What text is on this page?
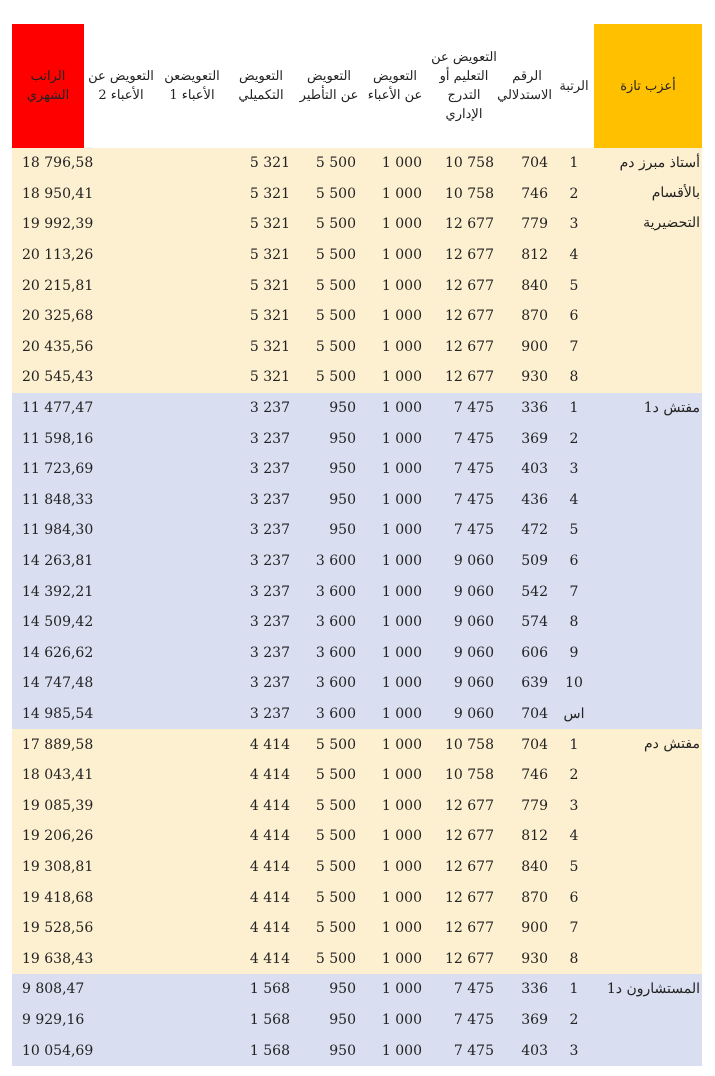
الراتب الشهري	التعويض عن الأعباء 2	التعويضعن الأعباء 1	التعويض التكميلي	التعويض عن التأطير	التعويض عن الأعباء	التعويض عن التعليم أو التدرج الإداري	الرقم الاستدلالي	الرتبة	أعزب تازة
18 796,58			5 321	5 500	1 000	10 758	704	1	أستاذ مبرز دم بالأقسام التحضيرية
18 950,41			5 321	5 500	1 000	10 758	746	2	
19 992,39			5 321	5 500	1 000	12 677	779	3	
20 113,26			5 321	5 500	1 000	12 677	812	4	
20 215,81			5 321	5 500	1 000	12 677	840	5	
20 325,68			5 321	5 500	1 000	12 677	870	6	
20 435,56			5 321	5 500	1 000	12 677	900	7	
20 545,43			5 321	5 500	1 000	12 677	930	8	
11 477,47			3 237	950	1 000	7 475	336	1	مفتش د1
11 598,16			3 237	950	1 000	7 475	369	2	
11 723,69			3 237	950	1 000	7 475	403	3	
11 848,33			3 237	950	1 000	7 475	436	4	
11 984,30			3 237	950	1 000	7 475	472	5	
14 263,81			3 237	3 600	1 000	9 060	509	6	
14 392,21			3 237	3 600	1 000	9 060	542	7	
14 509,42			3 237	3 600	1 000	9 060	574	8	
14 626,62			3 237	3 600	1 000	9 060	606	9	
14 747,48			3 237	3 600	1 000	9 060	639	10	
14 985,54			3 237	3 600	1 000	9 060	704	اس	
17 889,58			4 414	5 500	1 000	10 758	704	1	مفتش دم
18 043,41			4 414	5 500	1 000	10 758	746	2	
19 085,39			4 414	5 500	1 000	12 677	779	3	
19 206,26			4 414	5 500	1 000	12 677	812	4	
19 308,81			4 414	5 500	1 000	12 677	840	5	
19 418,68			4 414	5 500	1 000	12 677	870	6	
19 528,56			4 414	5 500	1 000	12 677	900	7	
19 638,43			4 414	5 500	1 000	12 677	930	8	
9 808,47			1 568	950	1 000	7 475	336	1	المستشارون د1
9 929,16			1 568	950	1 000	7 475	369	2	
10 054,69			1 568	950	1 000	7 475	403	3	
